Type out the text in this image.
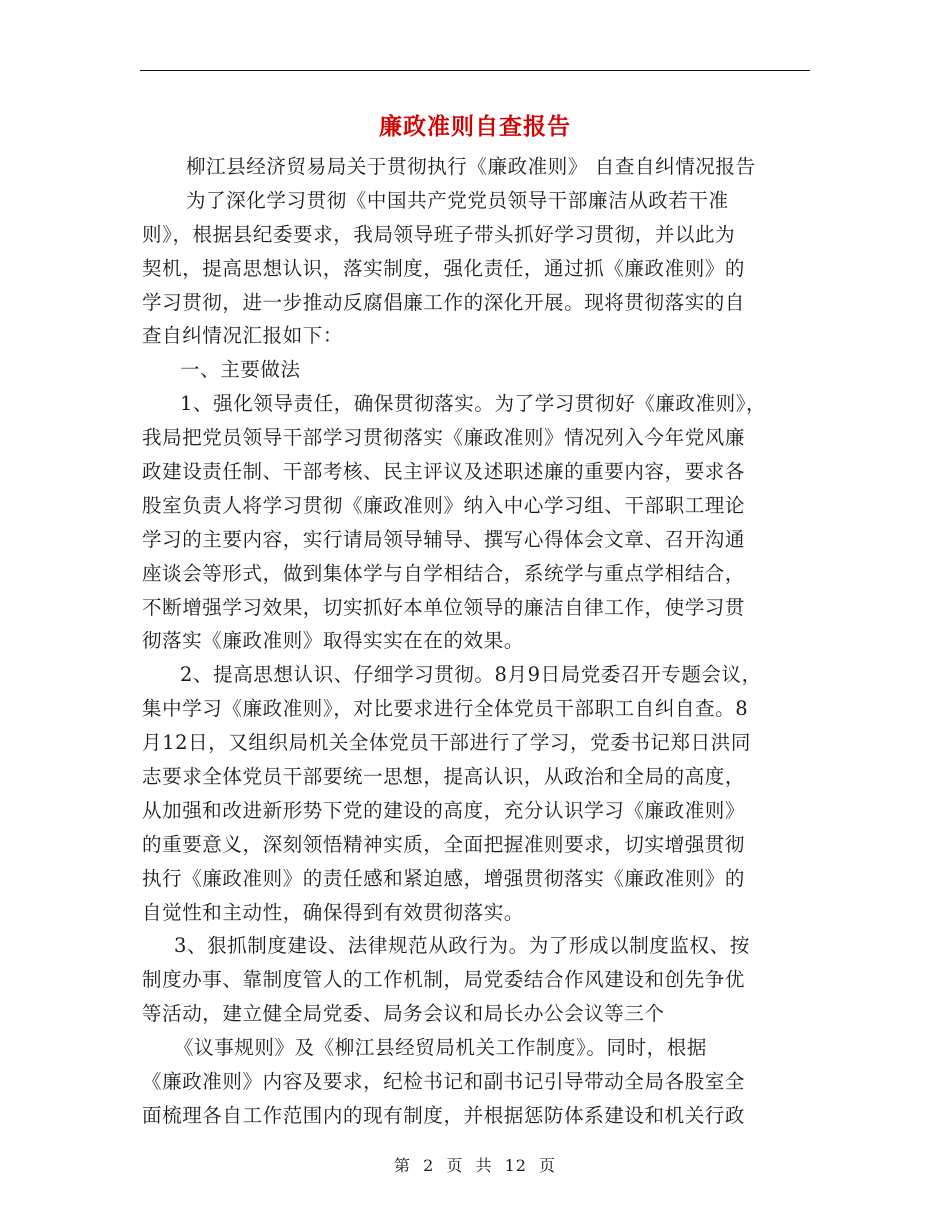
廉政准则自查报告
柳江县经济贸易局关于贯彻执行《廉政准则》 自查自纠情况报告
为了深化学习贯彻《中国共产党党员领导干部廉洁从政若干准
则》，根据县纪委要求，我局领导班子带头抓好学习贯彻，并以此为
契机，提高思想认识，落实制度，强化责任，通过抓《廉政准则》的
学习贯彻，进一步推动反腐倡廉工作的深化开展。现将贯彻落实的自
查自纠情况汇报如下：
一、主要做法
1、强化领导责任，确保贯彻落实。为了学习贯彻好《廉政准则》，
我局把党员领导干部学习贯彻落实《廉政准则》情况列入今年党风廉
政建设责任制、干部考核、民主评议及述职述廉的重要内容，要求各
股室负责人将学习贯彻《廉政准则》纳入中心学习组、干部职工理论
学习的主要内容，实行请局领导辅导、撰写心得体会文章、召开沟通
座谈会等形式，做到集体学与自学相结合，系统学与重点学相结合，
不断增强学习效果，切实抓好本单位领导的廉洁自律工作，使学习贯
彻落实《廉政准则》取得实实在在的效果。
2、提高思想认识、仔细学习贯彻。8月9日局党委召开专题会议，
集中学习《廉政准则》，对比要求进行全体党员干部职工自纠自查。8
月12日，又组织局机关全体党员干部进行了学习，党委书记郑日洪同
志要求全体党员干部要统一思想，提高认识，从政治和全局的高度，
从加强和改进新形势下党的建设的高度，充分认识学习《廉政准则》
的重要意义，深刻领悟精神实质，全面把握准则要求，切实增强贯彻
执行《廉政准则》的责任感和紧迫感，增强贯彻落实《廉政准则》的
自觉性和主动性，确保得到有效贯彻落实。
3、狠抓制度建设、法律规范从政行为。为了形成以制度监权、按
制度办事、靠制度管人的工作机制，局党委结合作风建设和创先争优
等活动，建立健全局党委、局务会议和局长办公会议等三个
《议事规则》及《柳江县经贸局机关工作制度》。同时，根据
《廉政准则》内容及要求，纪检书记和副书记引导带动全局各股室全
面梳理各自工作范围内的现有制度，并根据惩防体系建设和机关行政
第 2 页 共 12 页
